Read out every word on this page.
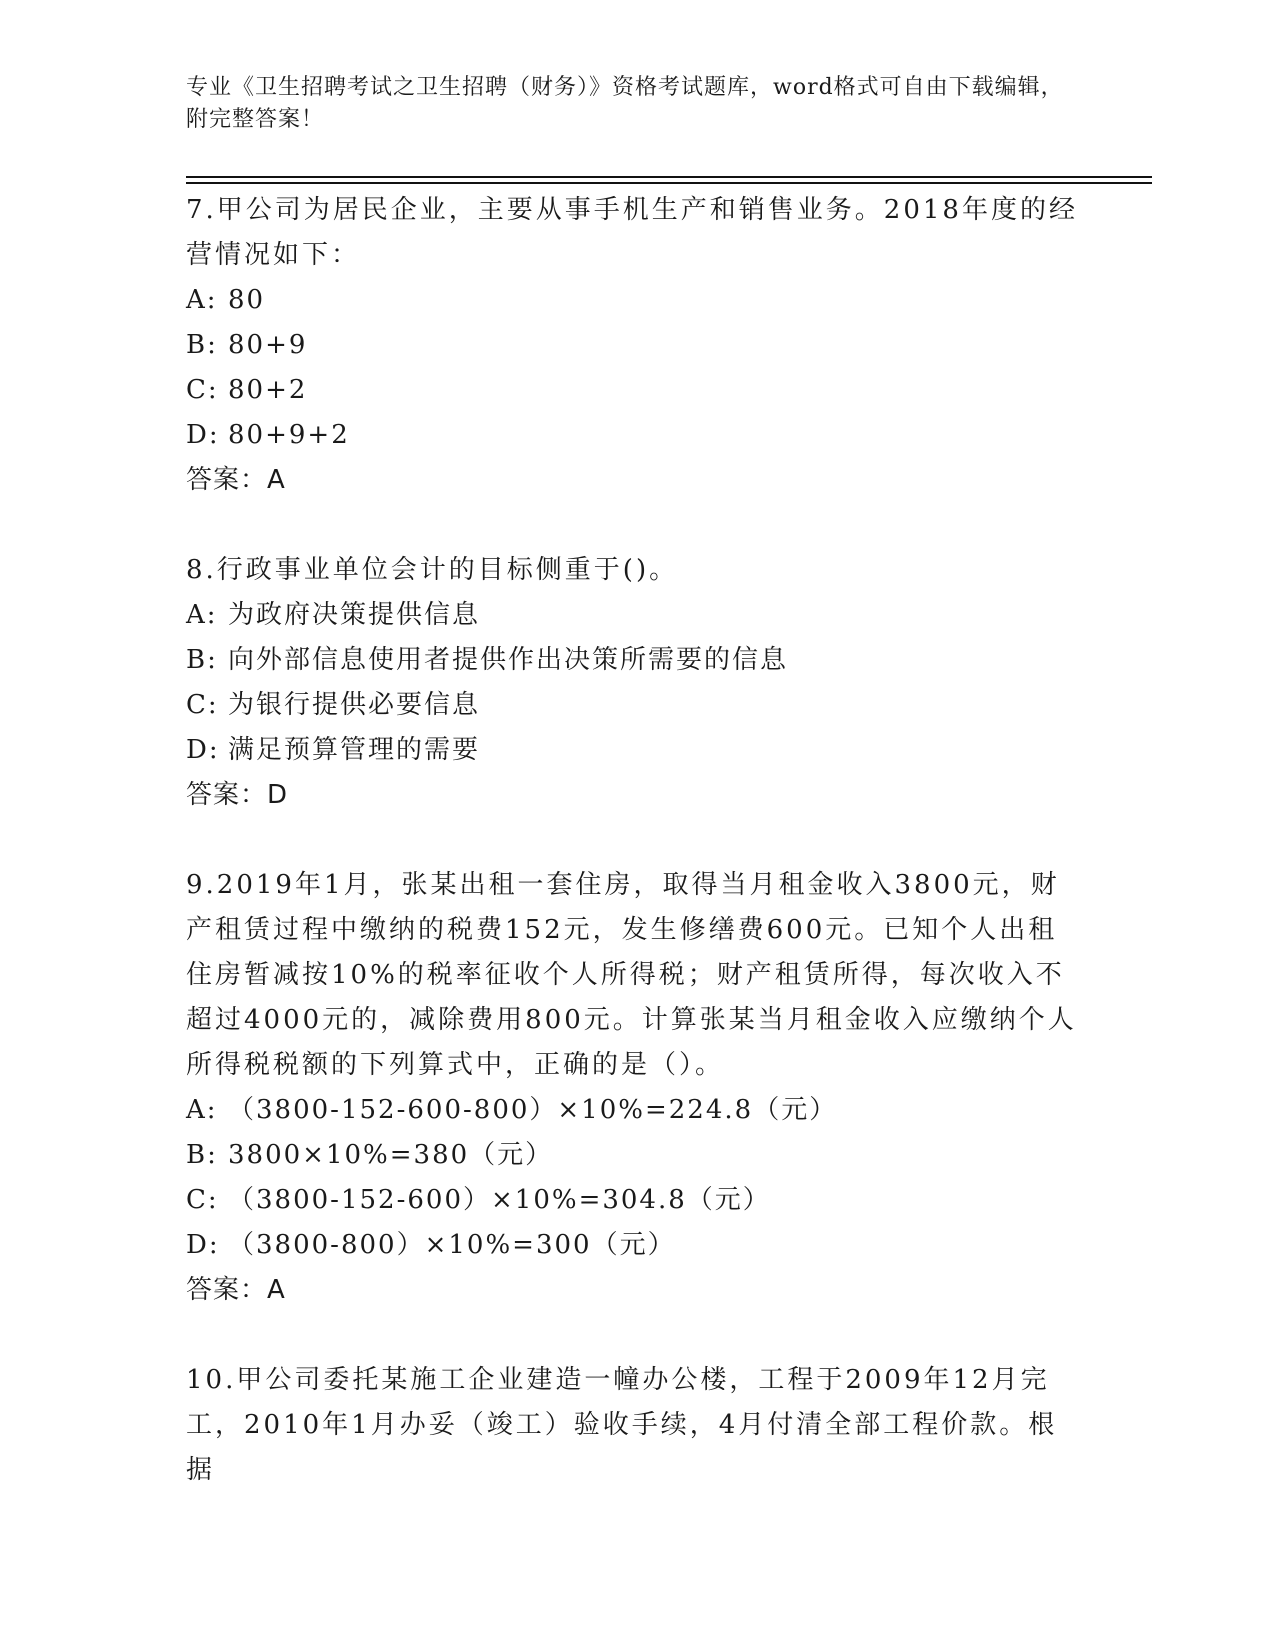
专业《卫生招聘考试之卫生招聘（财务）》资格考试题库，word格式可自由下载编辑，附完整答案！

7.甲公司为居民企业，主要从事手机生产和销售业务。2018年度的经营情况如下：

A: 80

B: 80+9

C: 80+2

D: 80+9+2

答案：A

8.行政事业单位会计的目标侧重于()。

A: 为政府决策提供信息

B: 向外部信息使用者提供作出决策所需要的信息

C: 为银行提供必要信息

D: 满足预算管理的需要

答案：D

9.2019年1月，张某出租一套住房，取得当月租金收入3800元，财产租赁过程中缴纳的税费152元，发生修缮费600元。已知个人出租住房暂减按10%的税率征收个人所得税；财产租赁所得，每次收入不超过4000元的，减除费用800元。计算张某当月租金收入应缴纳个人所得税税额的下列算式中，正确的是（）。

A: （3800-152-600-800）×10%=224.8（元）

B: 3800×10%=380（元）

C: （3800-152-600）×10%=304.8（元）

D: （3800-800）×10%=300（元）

答案：A

10.甲公司委托某施工企业建造一幢办公楼，工程于2009年12月完工，2010年1月办妥（竣工）验收手续，4月付清全部工程价款。根据
